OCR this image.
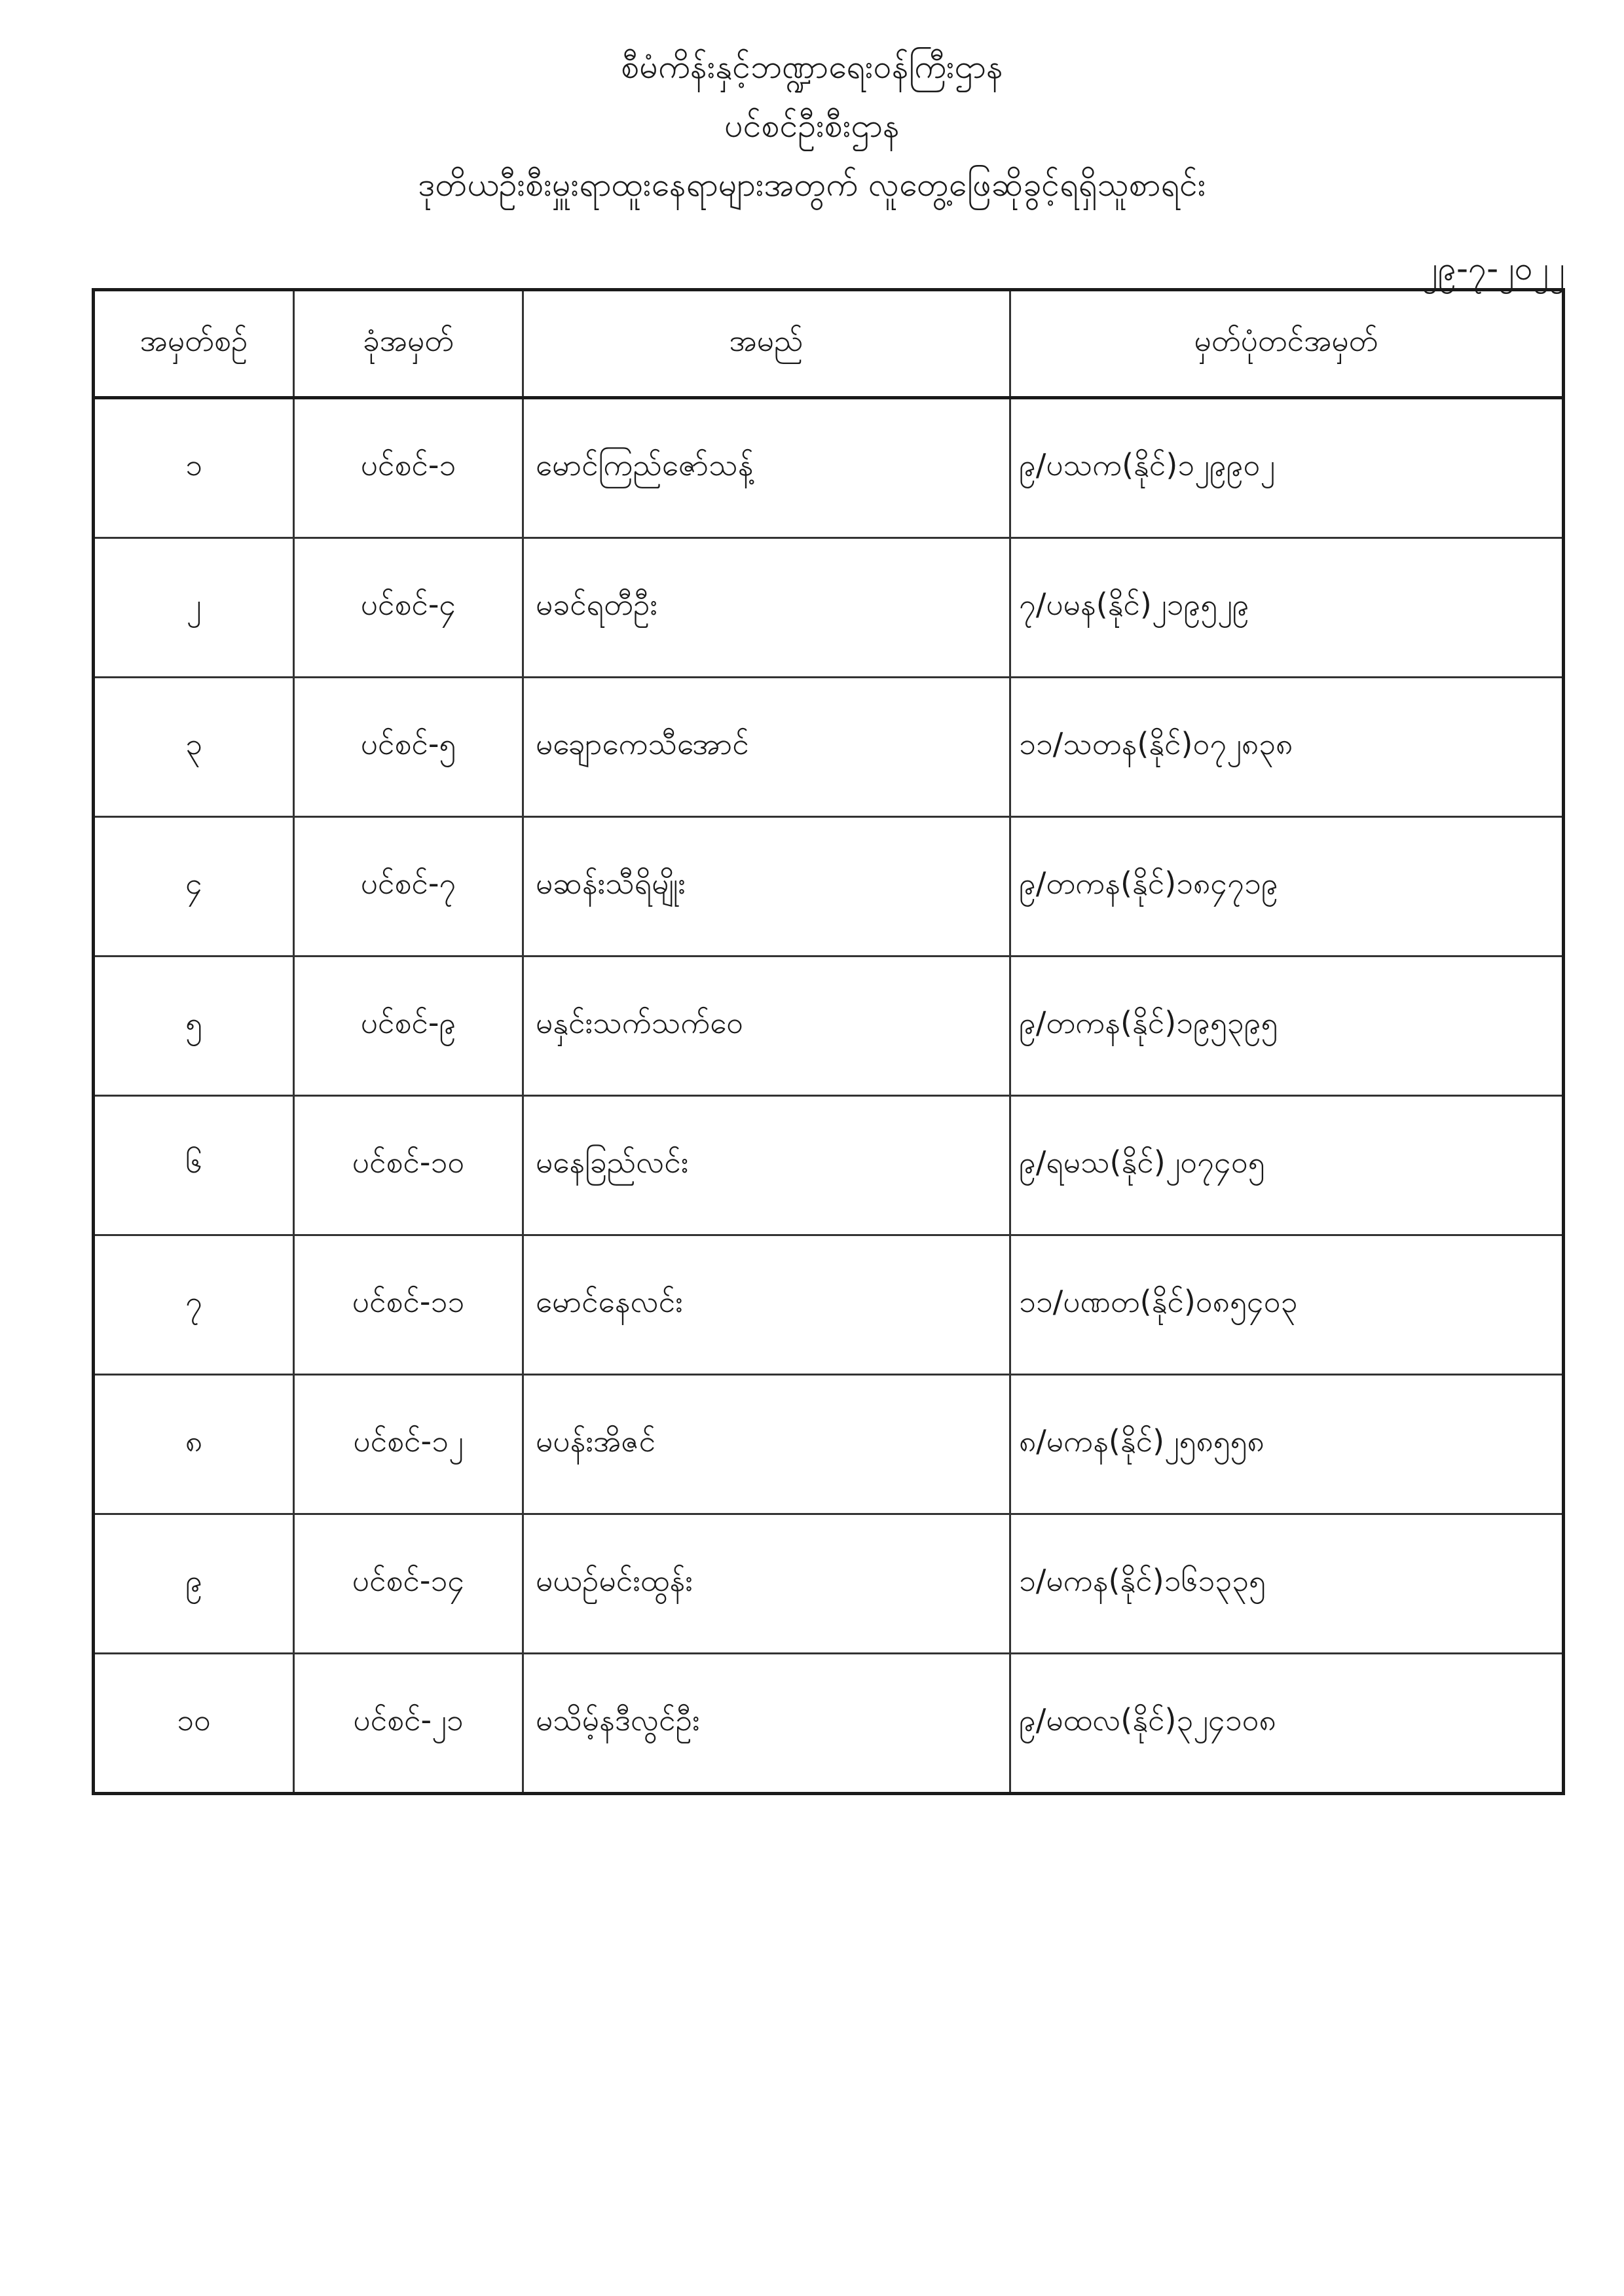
စီမံကိန်းနှင့်ဘဏ္ဍာရေးဝန်ကြီးဌာန
ပင်စင်ဦးစီးဌာန
ဒုတိယဦးစီးမှူးရာထူးနေရာများအတွက် လူတွေ့ဖြေဆိုခွင့်ရရှိသူစာရင်း
၂၉-၇-၂၀၂၂
အမှတ်စဉ်	ခုံအမှတ်	အမည်	မှတ်ပုံတင်အမှတ်
၁	ပင်စင်-၁	မောင်ကြည်ဇော်သန့်	၉/ပသက(နိုင်)၁၂၉၉၀၂
၂	ပင်စင်-၄	မခင်ရတီဦး	၇/ပမန(နိုင်)၂၁၉၅၂၉
၃	ပင်စင်-၅	မချောကေသီအောင်	၁၁/သတန(နိုင်)၀၇၂၈၃၈
၄	ပင်စင်-၇	မဆန်းသီရိမျိုး	၉/တကန(နိုင်)၁၈၄၇၁၉
၅	ပင်စင်-၉	မနှင်းသက်သက်ဝေ	၉/တကန(နိုင်)၁၉၅၃၉၅
၆	ပင်စင်-၁၀	မနေခြည်လင်း	၉/ရမသ(နိုင်)၂၀၇၄၀၅
၇	ပင်စင်-၁၁	မောင်နေလင်း	၁၁/ပဏတ(နိုင်)၀၈၅၄၀၃
၈	ပင်စင်-၁၂	မပန်းအိဇင်	၈/မကန(နိုင်)၂၅၈၅၅၈
၉	ပင်စင်-၁၄	မယဉ်မင်းထွန်း	၁/မကန(နိုင်)၁၆၁၃၃၅
၁၀	ပင်စင်-၂၁	မသိမ့်နဒီလွင်ဦး	၉/မထလ(နိုင်)၃၂၄၁၀၈
